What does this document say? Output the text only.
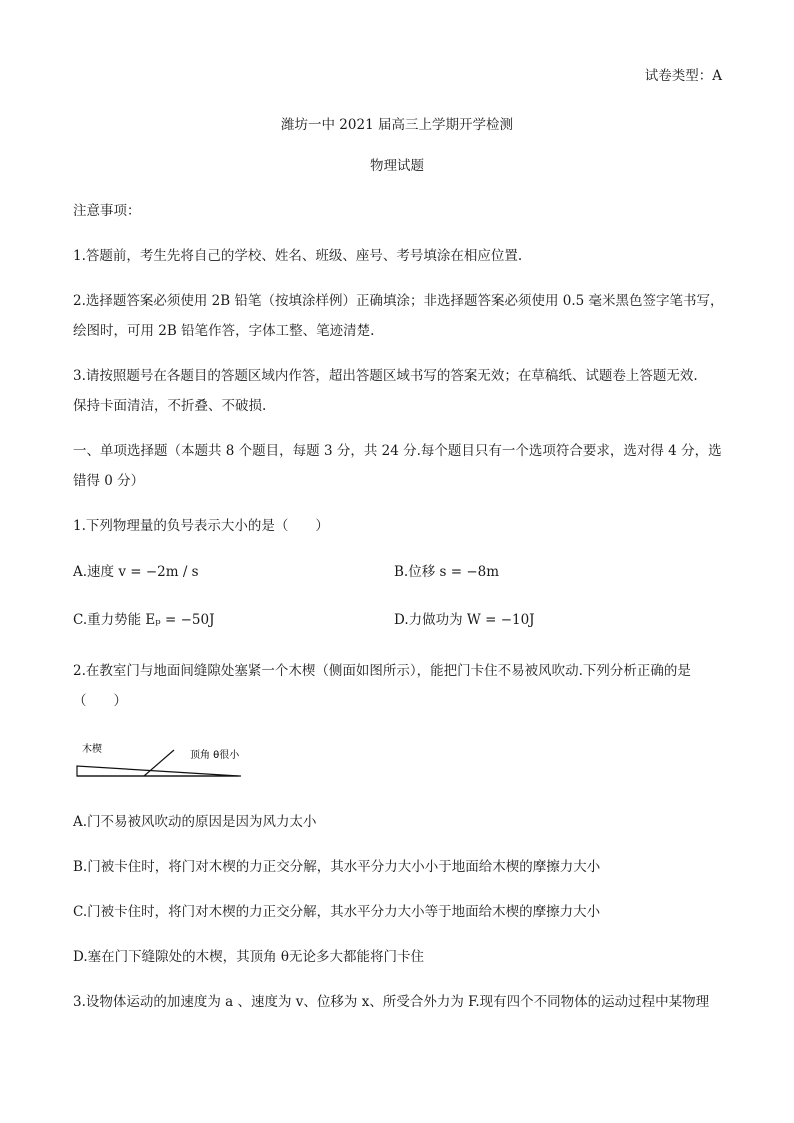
试卷类型：A
潍坊一中 2021 届高三上学期开学检测
物理试题
注意事项：
1.答题前，考生先将自己的学校、姓名、班级、座号、考号填涂在相应位置.
2.选择题答案必须使用 2B 铅笔（按填涂样例）正确填涂；非选择题答案必须使用 0.5 毫米黑色签字笔书写，
绘图时，可用 2B 铅笔作答，字体工整、笔迹清楚.
3.请按照题号在各题目的答题区域内作答，超出答题区域书写的答案无效；在草稿纸、试题卷上答题无效.
保持卡面清洁，不折叠、不破损.
一、单项选择题（本题共 8 个题目，每题 3 分，共 24 分.每个题目只有一个选项符合要求，选对得 4 分，选
错得 0 分）
1.下列物理量的负号表示大小的是（　　）
A.速度 v = −2m / s	B.位移 s = −8m
C.重力势能 Eₚ = −50J	D.力做功为 W = −10J
2.在教室门与地面间缝隙处塞紧一个木楔（侧面如图所示），能把门卡住不易被风吹动.下列分析正确的是
（　　）
木楔
顶角 θ很小
A.门不易被风吹动的原因是因为风力太小
B.门被卡住时，将门对木楔的力正交分解，其水平分力大小小于地面给木楔的摩擦力大小
C.门被卡住时，将门对木楔的力正交分解，其水平分力大小等于地面给木楔的摩擦力大小
D.塞在门下缝隙处的木楔，其顶角 θ无论多大都能将门卡住
3.设物体运动的加速度为 a 、速度为 v、位移为 x、所受合外力为 F.现有四个不同物体的运动过程中某物理
